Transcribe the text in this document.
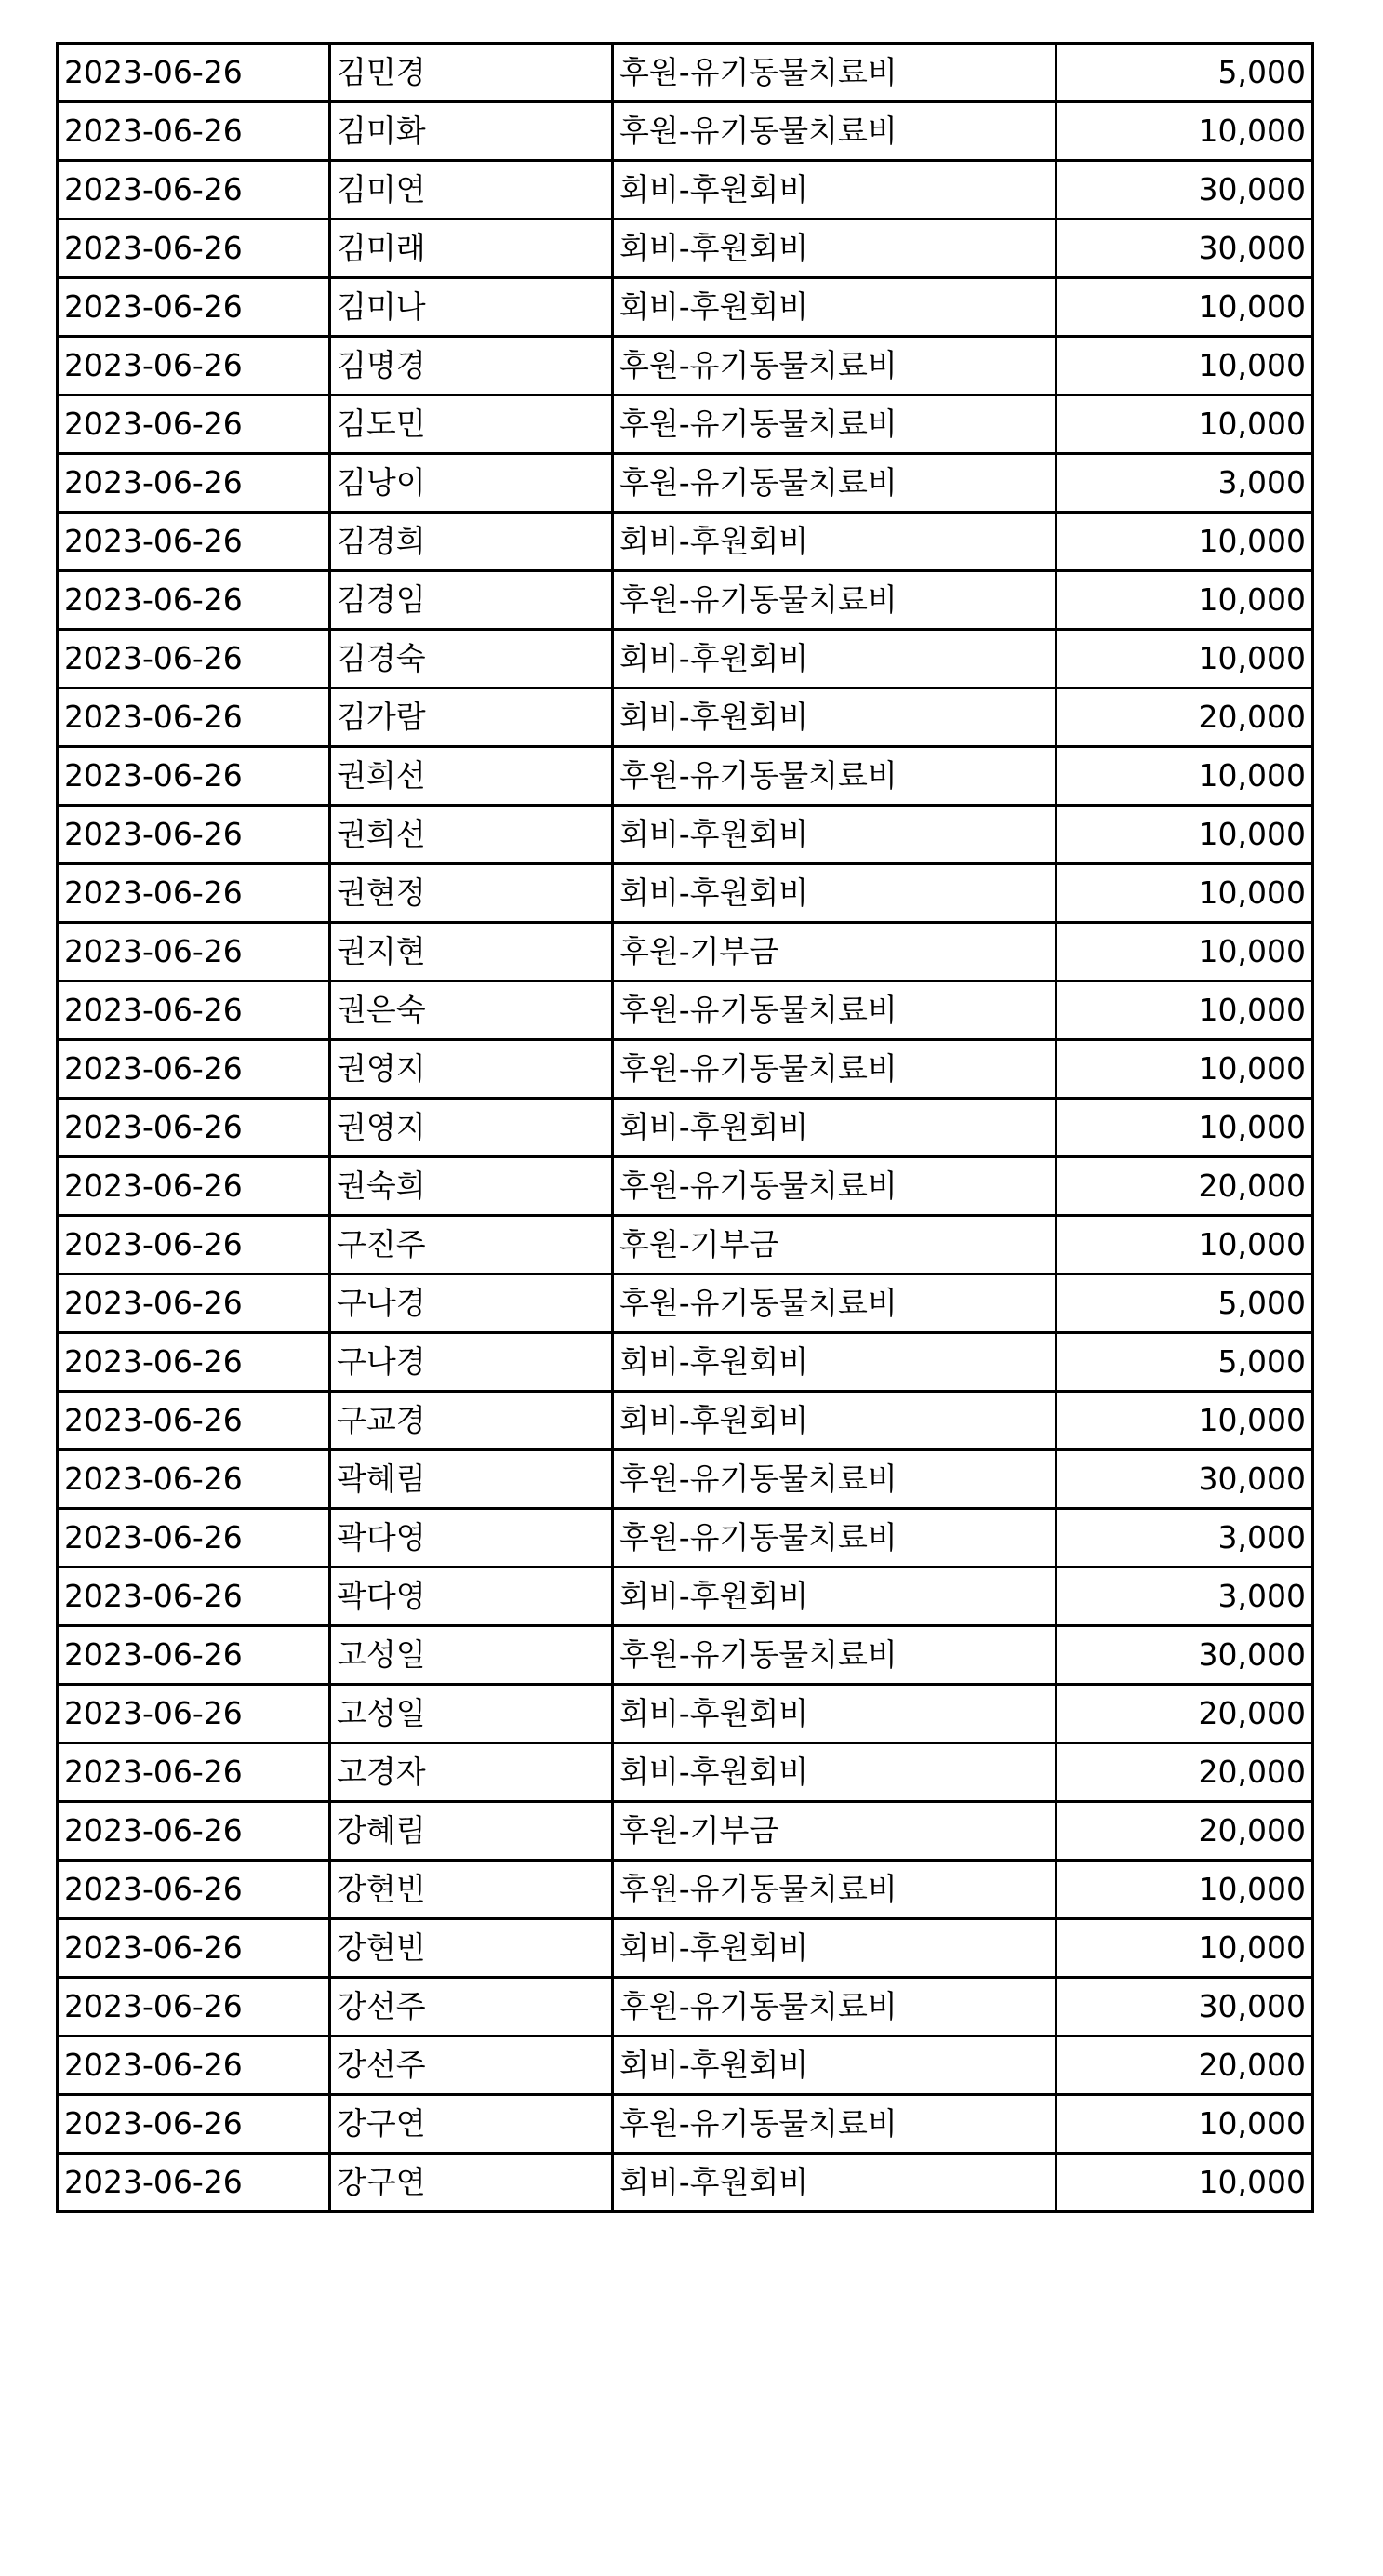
2023-06-26	김민경	후원-유기동물치료비	5,000
2023-06-26	김미화	후원-유기동물치료비	10,000
2023-06-26	김미연	회비-후원회비	30,000
2023-06-26	김미래	회비-후원회비	30,000
2023-06-26	김미나	회비-후원회비	10,000
2023-06-26	김명경	후원-유기동물치료비	10,000
2023-06-26	김도민	후원-유기동물치료비	10,000
2023-06-26	김낭이	후원-유기동물치료비	3,000
2023-06-26	김경희	회비-후원회비	10,000
2023-06-26	김경임	후원-유기동물치료비	10,000
2023-06-26	김경숙	회비-후원회비	10,000
2023-06-26	김가람	회비-후원회비	20,000
2023-06-26	권희선	후원-유기동물치료비	10,000
2023-06-26	권희선	회비-후원회비	10,000
2023-06-26	권현정	회비-후원회비	10,000
2023-06-26	권지현	후원-기부금	10,000
2023-06-26	권은숙	후원-유기동물치료비	10,000
2023-06-26	권영지	후원-유기동물치료비	10,000
2023-06-26	권영지	회비-후원회비	10,000
2023-06-26	권숙희	후원-유기동물치료비	20,000
2023-06-26	구진주	후원-기부금	10,000
2023-06-26	구나경	후원-유기동물치료비	5,000
2023-06-26	구나경	회비-후원회비	5,000
2023-06-26	구교경	회비-후원회비	10,000
2023-06-26	곽혜림	후원-유기동물치료비	30,000
2023-06-26	곽다영	후원-유기동물치료비	3,000
2023-06-26	곽다영	회비-후원회비	3,000
2023-06-26	고성일	후원-유기동물치료비	30,000
2023-06-26	고성일	회비-후원회비	20,000
2023-06-26	고경자	회비-후원회비	20,000
2023-06-26	강혜림	후원-기부금	20,000
2023-06-26	강현빈	후원-유기동물치료비	10,000
2023-06-26	강현빈	회비-후원회비	10,000
2023-06-26	강선주	후원-유기동물치료비	30,000
2023-06-26	강선주	회비-후원회비	20,000
2023-06-26	강구연	후원-유기동물치료비	10,000
2023-06-26	강구연	회비-후원회비	10,000
